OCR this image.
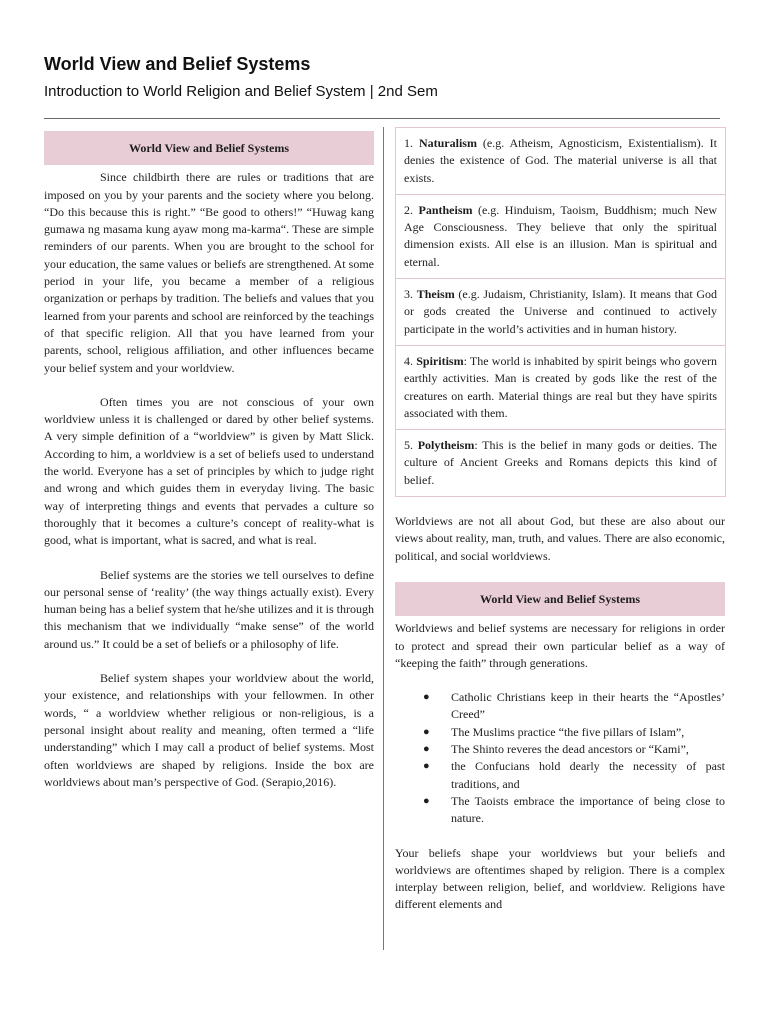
World View and Belief Systems
Introduction to World Religion and Belief System | 2nd Sem
World View and Belief Systems

Since childbirth there are rules or traditions that are imposed on you by your parents and the society where you belong. “Do this because this is right.” “Be good to others!” “Huwag kang gumawa ng masama kung ayaw mong ma-karma“. These are simple reminders of our parents. When you are brought to the school for your education, the same values or beliefs are strengthened. At some period in your life, you became a member of a religious organization or perhaps by tradition. The beliefs and values that you learned from your parents and school are reinforced by the teachings of that specific religion. All that you have learned from your parents, school, religious affiliation, and other influences became your belief system and your worldview.

Often times you are not conscious of your own worldview unless it is challenged or dared by other belief systems. A very simple definition of a “worldview” is given by Matt Slick. According to him, a worldview is a set of beliefs used to understand the world. Everyone has a set of principles by which to judge right and wrong and which guides them in everyday living. The basic way of interpreting things and events that pervades a culture so thoroughly that it becomes a culture’s concept of reality-what is good, what is important, what is sacred, and what is real.

Belief systems are the stories we tell ourselves to define our personal sense of ‘reality’ (the way things actually exist). Every human being has a belief system that he/she utilizes and it is through this mechanism that we individually “make sense” of the world around us.” It could be a set of beliefs or a philosophy of life.

Belief system shapes your worldview about the world, your existence, and relationships with your fellowmen. In other words, “ a worldview whether religious or non-religious, is a personal insight about reality and meaning, often termed a “life understanding” which I may call a product of belief systems. Most often worldviews are shaped by religions. Inside the box are worldviews about man’s perspective of God. (Serapio,2016).

1. Naturalism (e.g. Atheism, Agnosticism, Existentialism). It denies the existence of God. The material universe is all that exists.
2. Pantheism (e.g. Hinduism, Taoism, Buddhism; much New Age Consciousness. They believe that only the spiritual dimension exists. All else is an illusion. Man is spiritual and eternal.
3. Theism (e.g. Judaism, Christianity, Islam). It means that God or gods created the Universe and continued to actively participate in the world’s activities and in human history.
4. Spiritism: The world is inhabited by spirit beings who govern earthly activities. Man is created by gods like the rest of the creatures on earth. Material things are real but they have spirits associated with them.
5. Polytheism: This is the belief in many gods or deities. The culture of Ancient Greeks and Romans depicts this kind of belief.

Worldviews are not all about God, but these are also about our views about reality, man, truth, and values. There are also economic, political, and social worldviews.

World View and Belief Systems

Worldviews and belief systems are necessary for religions in order to protect and spread their own particular belief as a way of “keeping the faith” through generations.

● Catholic Christians keep in their hearts the “Apostles’ Creed”
● The Muslims practice “the five pillars of Islam”,
● The Shinto reveres the dead ancestors or “Kami”,
● the Confucians hold dearly the necessity of past traditions, and
● The Taoists embrace the importance of being close to nature.

Your beliefs shape your worldviews but your beliefs and worldviews are oftentimes shaped by religion. There is a complex interplay between religion, belief, and worldview. Religions have different elements and
